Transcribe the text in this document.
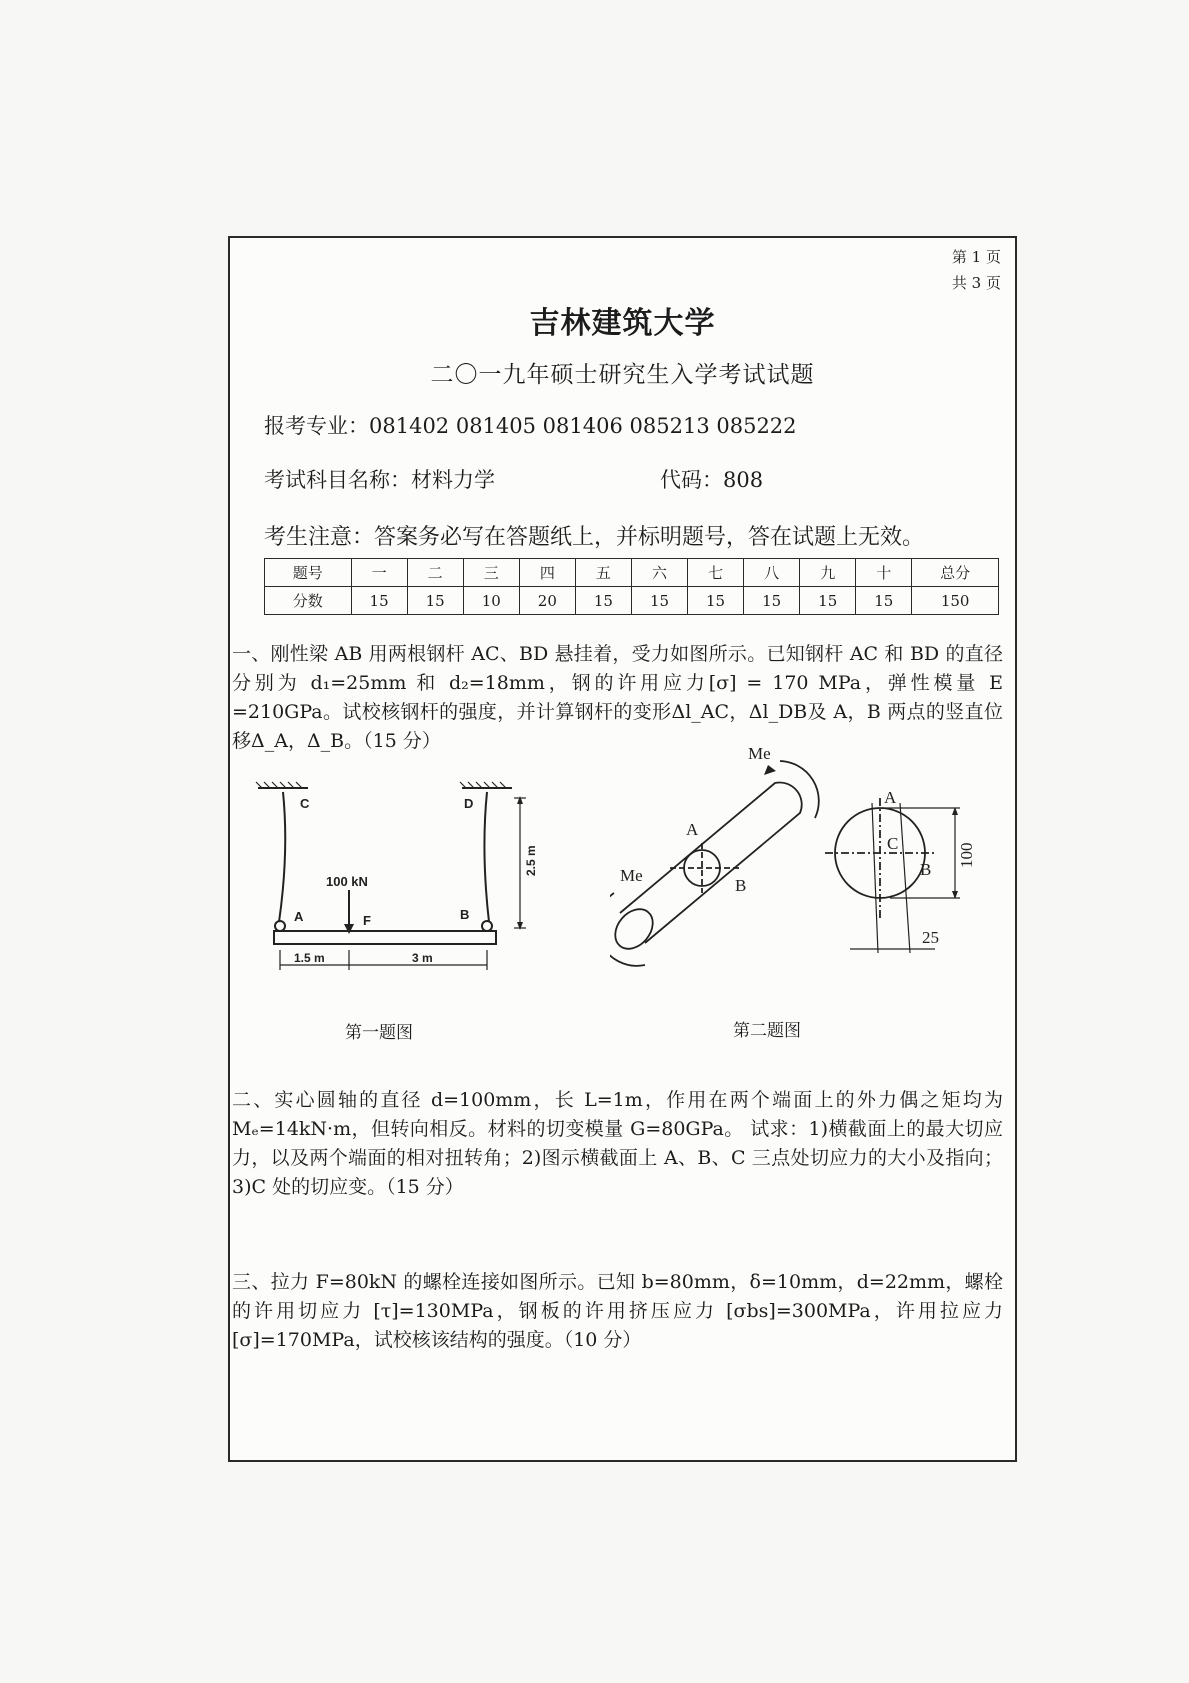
第 1 页
共 3 页
吉林建筑大学
二〇一九年硕士研究生入学考试试题
报考专业：081402 081405 081406 085213 085222
考试科目名称：材料力学	代码：808
考生注意：答案务必写在答题纸上，并标明题号，答在试题上无效。
题号	一	二	三	四	五	六	七	八	九	十	总分
分数	15	15	10	20	15	15	15	15	15	15	150
一、刚性梁 AB 用两根钢杆 AC、BD 悬挂着，受力如图所示。已知钢杆 AC 和 BD 的直径分别为 d₁=25mm 和 d₂=18mm，钢的许用应力[σ] = 170 MPa，弹性模量 E =210GPa。试校核钢杆的强度，并计算钢杆的变形Δl_AC，Δl_DB及 A，B 两点的竖直位移Δ_A，Δ_B。（15 分）
C	D
A	F	B
100 kN
1.5 m	3 m
2.5 m
第一题图
Me
Me
A
B
A
C
B
100
25
第二题图
二、实心圆轴的直径 d=100mm，长 L=1m，作用在两个端面上的外力偶之矩均为 Mₑ=14kN·m，但转向相反。材料的切变模量 G=80GPa。 试求：1)横截面上的最大切应力，以及两个端面的相对扭转角；2)图示横截面上 A、B、C 三点处切应力的大小及指向；3)C 处的切应变。（15 分）
三、拉力 F=80kN 的螺栓连接如图所示。已知 b=80mm，δ=10mm，d=22mm，螺栓的许用切应力 [τ]=130MPa，钢板的许用挤压应力 [σbs]=300MPa，许用拉应力 [σ]=170MPa，试校核该结构的强度。（10 分）
